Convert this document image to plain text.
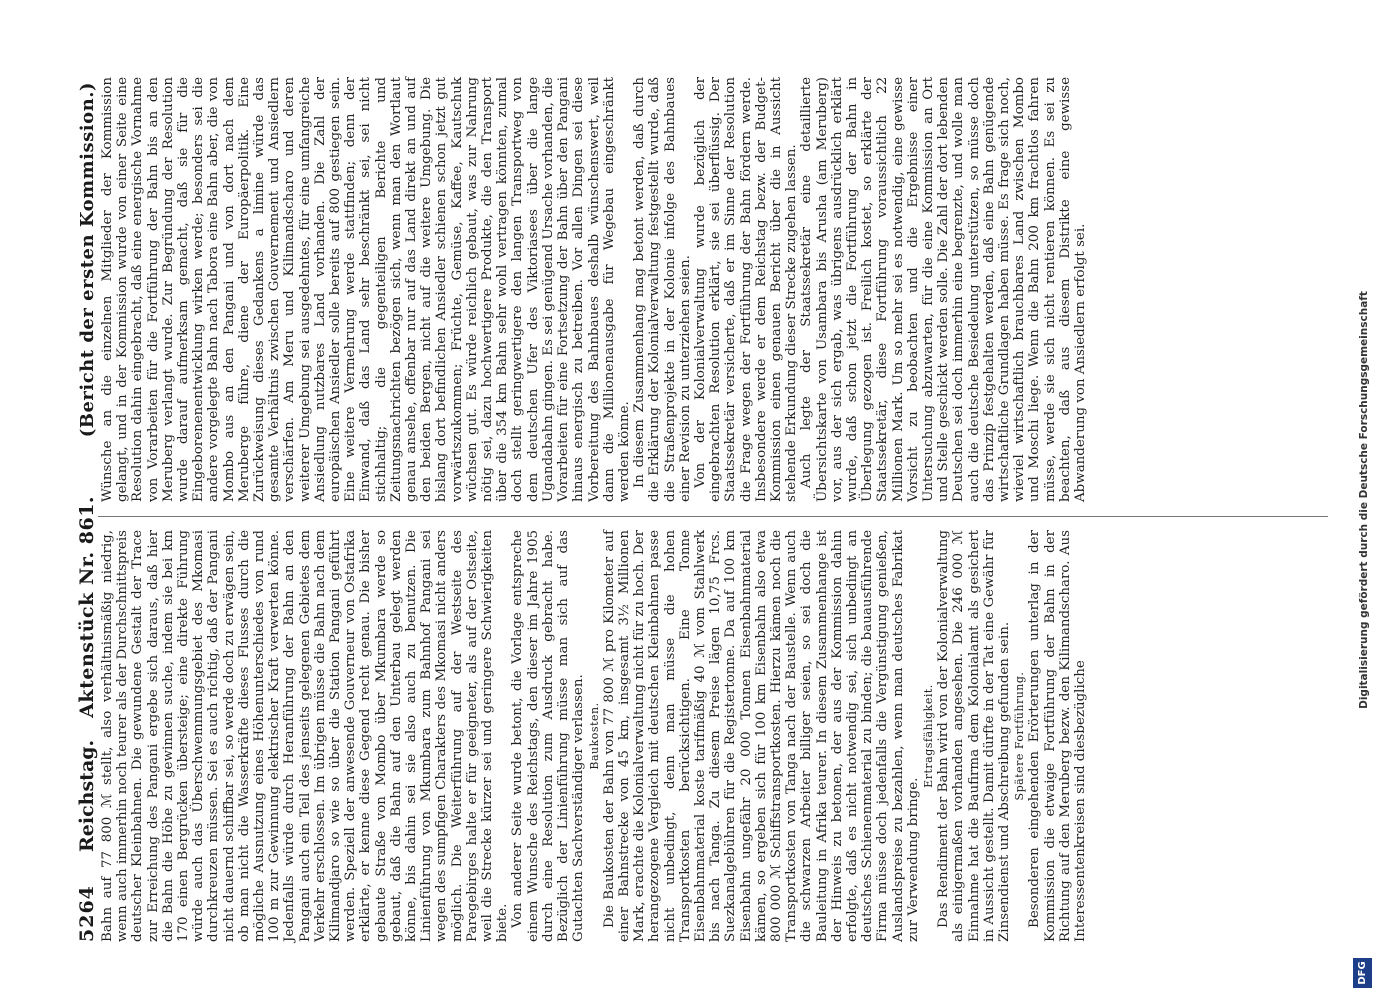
5264
Reichstag.
Aktenstück Nr. 861.
(Bericht der ersten Kommission.)

Bahn auf 77 800 ℳ stellt, also verhältnismäßig niedrig, wenn auch immerhin noch teurer als der Durchschnittspreis deutscher Kleinbahnen. Die gewundene Gestalt der Trace zur Erreichung des Pangani ergebe sich daraus, daß hier die Bahn die Höhe zu gewinnen suche, indem sie bei km 170 einen Bergrücken übersteige; eine direkte Führung würde auch das Überschwemmungsgebiet des Mkomasi durchkreuzen müssen. Sei es auch richtig, daß der Pangani nicht dauernd schiffbar sei, so werde doch zu erwägen sein, ob man nicht die Wasserkräfte dieses Flusses durch die mögliche Ausnutzung eines Höhenunterschiedes von rund 100 m zur Gewinnung elektrischer Kraft verwerten könne. Jedenfalls würde durch Heranführung der Bahn an den Pangani auch ein Teil des jenseits gelegenen Gebietes dem Verkehr erschlossen. Im übrigen müsse die Bahn nach dem Kilimandjaro so wie so über die Station Pangani geführt werden. Speziell der anwesende Gouverneur von Ostafrika erklärte, er kenne diese Gegend recht genau. Die bisher gebaute Straße von Mombo über Mkumbara werde so gebaut, daß die Bahn auf den Unterbau gelegt werden könne, bis dahin sei sie also auch zu benutzen. Die Linienführung von Mkumbara zum Bahnhof Pangani sei wegen des sumpfigen Charakters des Mkomasi nicht anders möglich. Die Weiterführung auf der Westseite des Paregebirges halte er für geeigneter, als auf der Ostseite, weil die Strecke kürzer sei und geringere Schwierigkeiten biete. Von anderer Seite wurde betont, die Vorlage entspreche einem Wunsche des Reichstags, den dieser im Jahre 1905 durch eine Resolution zum Ausdruck gebracht habe. Bezüglich der Linienführung müsse man sich auf das Gutachten Sachverständiger verlassen. Baukosten. Die Baukosten der Bahn von 77 800 ℳ pro Kilometer auf einer Bahnstrecke von 45 km, insgesamt 3½ Millionen Mark, erachte die Kolonialverwaltung nicht für zu hoch. Der herangezogene Vergleich mit deutschen Kleinbahnen passe nicht unbedingt, denn man müsse die hohen Transportkosten berücksichtigen. Eine Tonne Eisenbahnmaterial koste tarifmäßig 40 ℳ vom Stahlwerk bis nach Tanga. Zu diesem Preise lägen 10,75 Frcs. Suezkanalgebühren für die Registertonne. Da auf 100 km Eisenbahn ungefähr 20 000 Tonnen Eisenbahnmaterial kämen, so ergeben sich für 100 km Eisenbahn also etwa 800 000 ℳ Schiffstransportkosten. Hierzu kämen noch die Transportkosten von Tanga nach der Baustelle. Wenn auch die schwarzen Arbeiter billiger seien, so sei doch die Bauleitung in Afrika teurer. In diesem Zusammenhange ist der Hinweis zu betonen, der aus der Kommission dahin erfolgte, daß es nicht notwendig sei, sich unbedingt an deutsches Schienenmaterial zu binden; die bauausführende Firma müsse doch jedenfalls die Vergünstigung genießen, Auslandspreise zu bezahlen, wenn man deutsches Fabrikat zur Verwendung bringe.

Ertragsfähigkeit. Das Rendiment der Bahn wird von der Kolonialverwaltung als einigermaßen vorhanden angesehen. Die 246 000 ℳ Einnahme hat die Baufirma dem Kolonialamt als gesichert in Aussicht gestellt. Damit dürfte in der Tat eine Gewähr für Zinsendienst und Abschreibung gefunden sein. Spätere Fortführung. Besonderen eingehenden Erörterungen unterlag in der Kommission die etwaige Fortführung der Bahn in der Richtung auf den Meruberg bezw. den Kilimandscharo. Aus Interessentenkreisen sind diesbezügliche

Wünsche an die einzelnen Mitglieder der Kommission gelangt, und in der Kommission wurde von einer Seite eine Resolution dahin eingebracht, daß eine energische Vornahme von Vorarbeiten für die Fortführung der Bahn bis an den Meruberg verlangt wurde. Zur Begründung der Resolution wurde darauf aufmerksam gemacht, daß sie für die Eingeborenenentwicklung wirken werde; besonders sei die andere vorgelegte Bahn nach Tabora eine Bahn aber, die von Mombo aus an den Pangani und von dort nach dem Meruberge führe, diene der Europäerpolitik. Eine Zurückweisung dieses Gedankens a limine würde das gesamte Verhältnis zwischen Gouvernement und Ansiedlern verschärfen. Am Meru und Kilimandscharo und deren weiterer Umgebung sei ausgedehntes, für eine umfangreiche Ansiedlung nutzbares Land vorhanden. Die Zahl der europäischen Ansiedler solle bereits auf 800 gestiegen sein. Eine weitere Vermehrung werde stattfinden; denn der Einwand, daß das Land sehr beschränkt sei, sei nicht stichhaltig; die gegenteiligen Berichte und Zeitungsnachrichten bezögen sich, wenn man den Wortlaut genau ansehe, offenbar nur auf das Land direkt an und auf den beiden Bergen, nicht auf die weitere Umgebung. Die bislang dort befindlichen Ansiedler schienen schon jetzt gut vorwärtszukommen; Früchte, Gemüse, Kaffee, Kautschuk wüchsen gut. Es würde reichlich gebaut, was zur Nahrung nötig sei, dazu hochwertigere Produkte, die den Transport über die 354 km Bahn sehr wohl vertragen könnten, zumal doch stellt geringwertigere den langen Transportweg von dem deutschen Ufer des Viktoriasees über die lange Ugandabahn gingen. Es sei genügend Ursache vorhanden, die Vorarbeiten für eine Fortsetzung der Bahn über den Pangani hinaus energisch zu betreiben. Vor allen Dingen sei diese Vorbereitung des Bahnbaues deshalb wünschenswert, weil dann die Millionenausgabe für Wegebau eingeschränkt werden könne. In diesem Zusammenhang mag betont werden, daß durch die Erklärung der Kolonialverwaltung festgestellt wurde, daß die Straßenprojekte in der Kolonie infolge des Bahnbaues einer Revision zu unterziehen seien. Von der Kolonialverwaltung wurde bezüglich der eingebrachten Resolution erklärt, sie sei überflüssig. Der Staatssekretär versicherte, daß er im Sinne der Resolution die Frage wegen der Fortführung der Bahn fördern werde. Insbesondere werde er dem Reichstag bezw. der Budget-Kommission einen genauen Bericht über die in Aussicht stehende Erkundung dieser Strecke zugehen lassen. Auch legte der Staatssekretär eine detaillierte Übersichtskarte von Usambara bis Arusha (am Meruberg) vor, aus der sich ergab, was übrigens ausdrücklich erklärt wurde, daß schon jetzt die Fortführung der Bahn in Überlegung gezogen ist. Freilich kostet, so erklärte der Staatssekretär, diese Fortführung voraussichtlich 22 Millionen Mark. Um so mehr sei es notwendig, eine gewisse Vorsicht zu beobachten und die Ergebnisse einer Untersuchung abzuwarten, für die eine Kommission an Ort und Stelle geschickt werden solle. Die Zahl der dort lebenden Deutschen sei doch immerhin eine begrenzte, und wolle man auch die deutsche Besiedelung unterstützen, so müsse doch das Prinzip festgehalten werden, daß eine Bahn genügende wirtschaftliche Grundlagen haben müsse. Es frage sich noch, wieviel wirtschaftlich brauchbares Land zwischen Mombo und Moschi liege. Wenn die Bahn 200 km frachtlos fahren müsse, werde sie sich nicht rentieren können. Es sei zu beachten, daß aus diesem Distrikte eine gewisse Abwanderung von Ansiedlern erfolgt sei.

DFG
Digitalisierung gefördert durch die Deutsche Forschungsgemeinschaft
